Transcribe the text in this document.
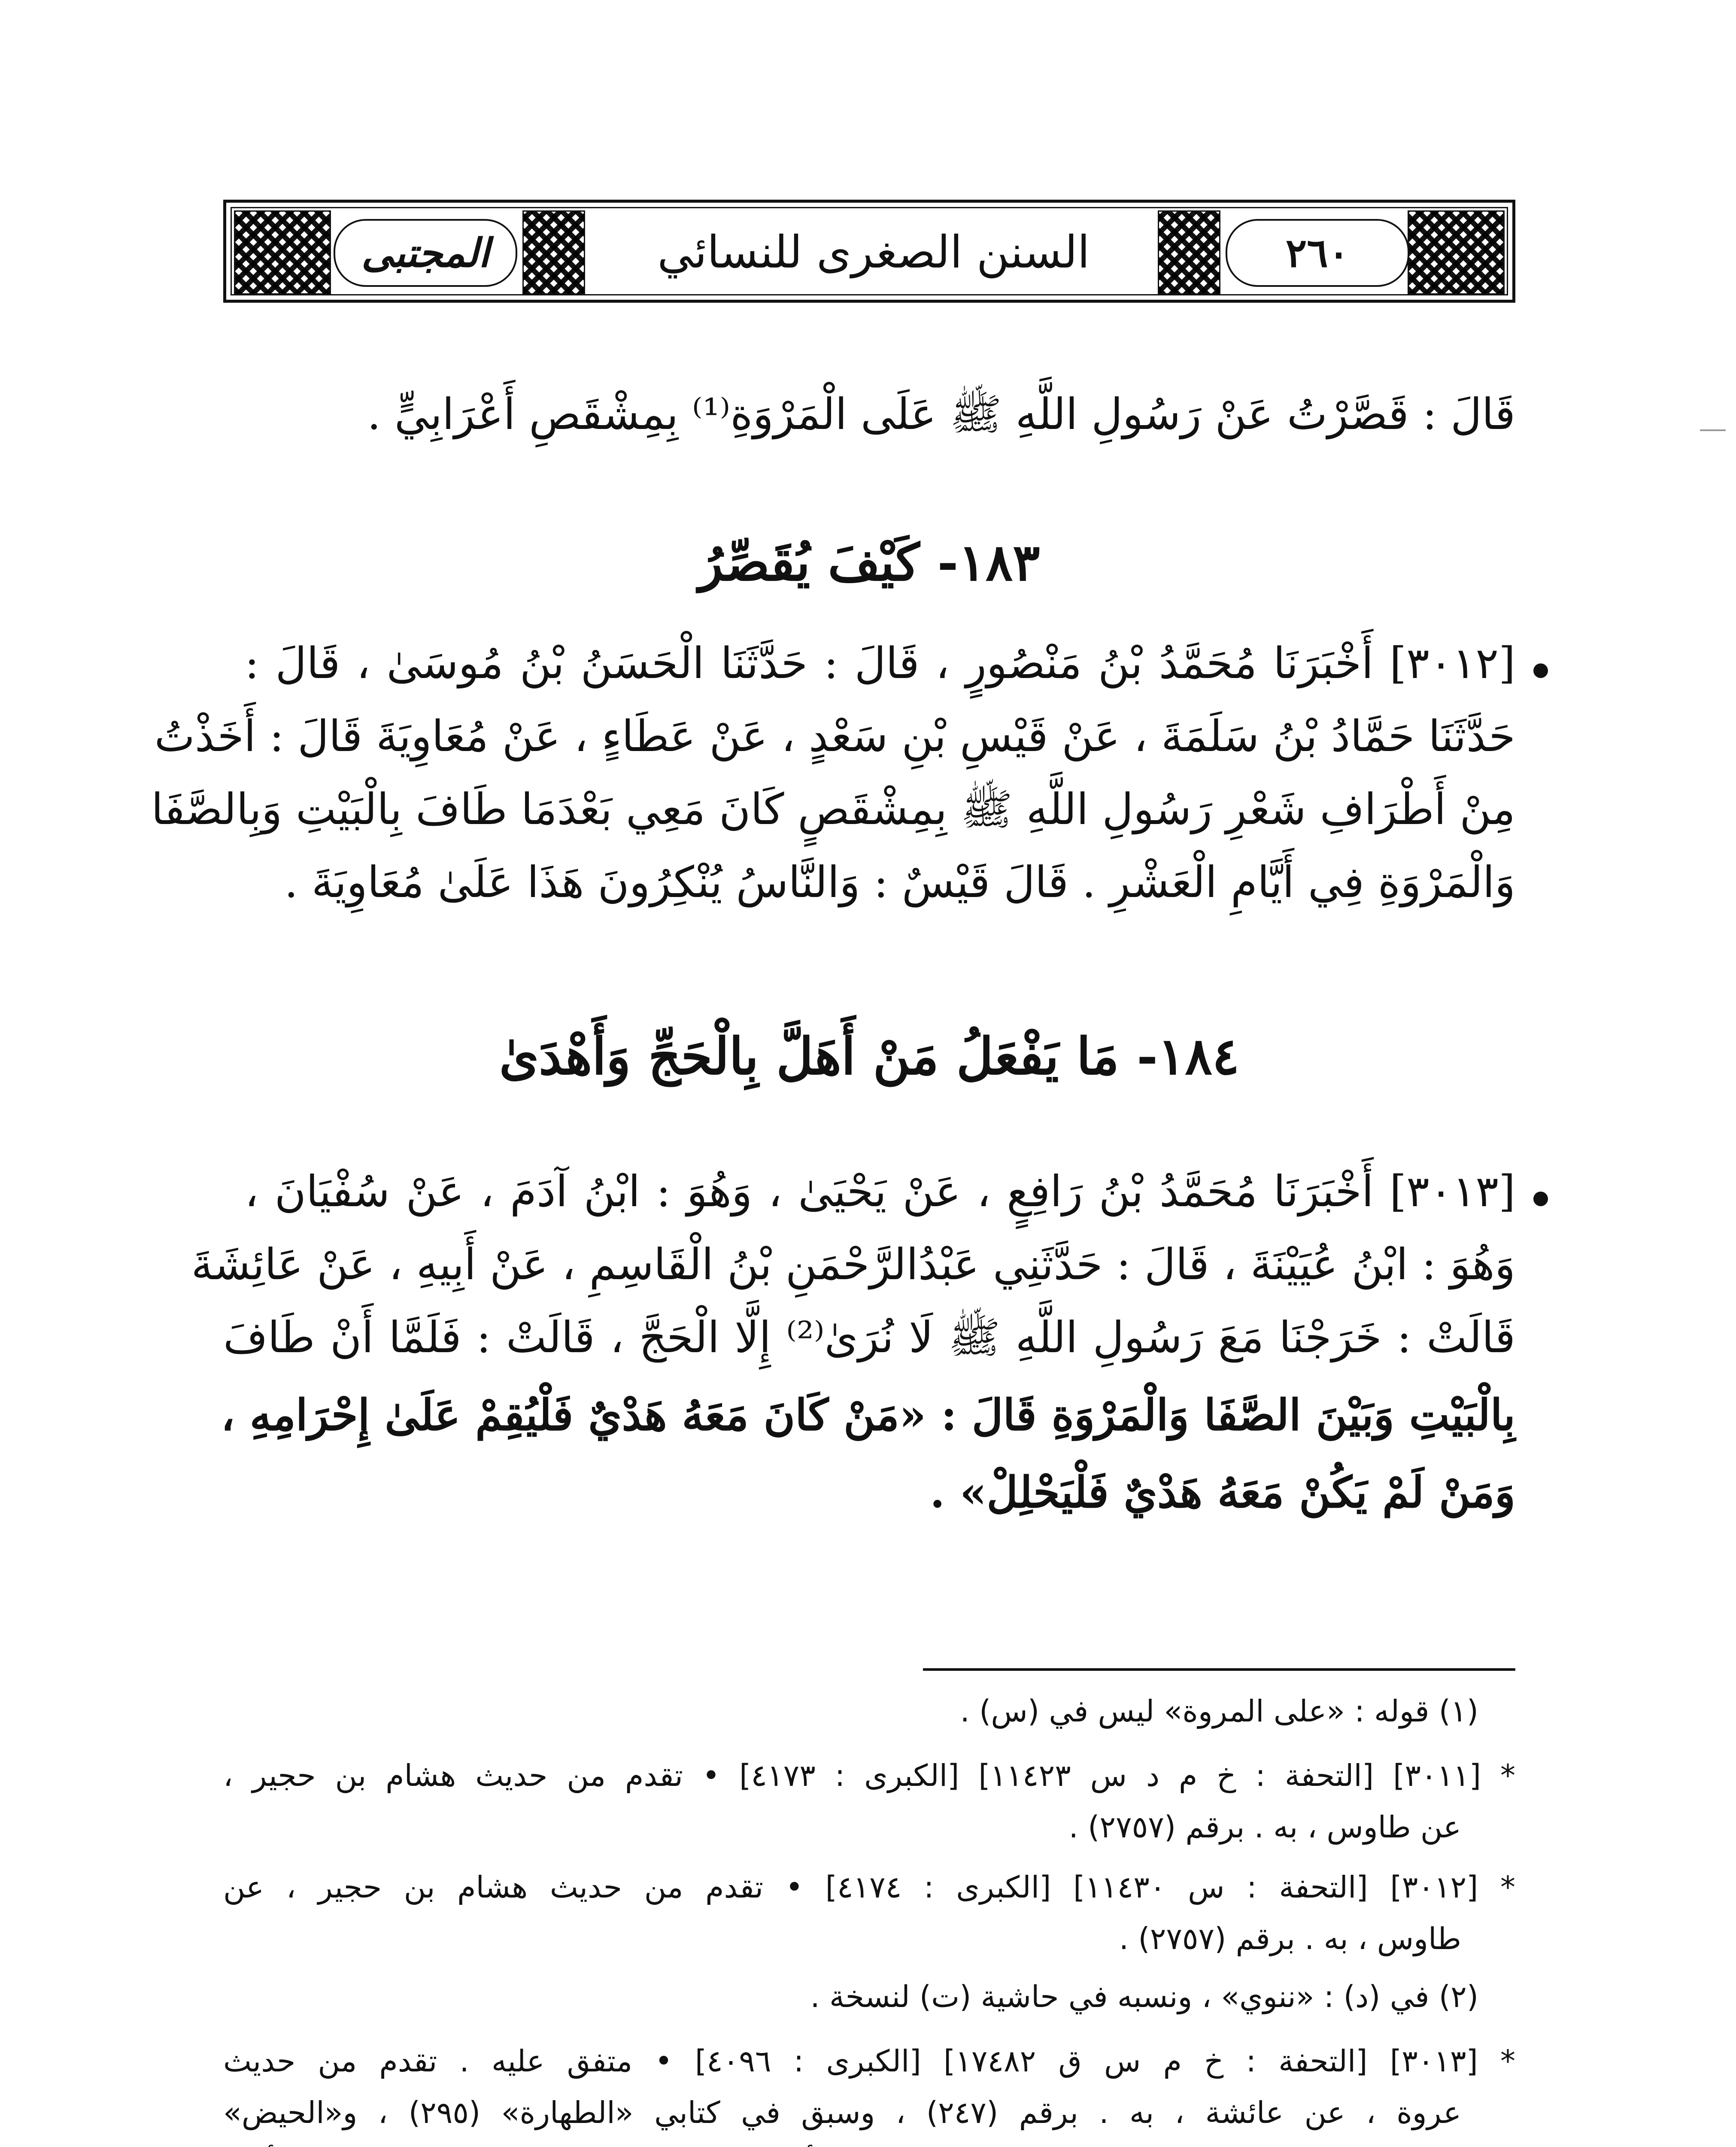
المجتبى	السنن الصغرى للنسائي	٢٦٠
قَالَ : قَصَّرْتُ عَنْ رَسُولِ اللَّهِ ﷺ عَلَى الْمَرْوَةِ⁽¹⁾ بِمِشْقَصِ أَعْرَابِيٍّ .
١٨٣- كَيْفَ يُقَصِّرُ
[٣٠١٢] أَخْبَرَنَا مُحَمَّدُ بْنُ مَنْصُورٍ ، قَالَ : حَدَّثَنَا الْحَسَنُ بْنُ مُوسَىٰ ، قَالَ :
حَدَّثَنَا حَمَّادُ بْنُ سَلَمَةَ ، عَنْ قَيْسِ بْنِ سَعْدٍ ، عَنْ عَطَاءٍ ، عَنْ مُعَاوِيَةَ قَالَ : أَخَذْتُ
مِنْ أَطْرَافِ شَعْرِ رَسُولِ اللَّهِ ﷺ بِمِشْقَصٍ كَانَ مَعِي بَعْدَمَا طَافَ بِالْبَيْتِ وَبِالصَّفَا
وَالْمَرْوَةِ فِي أَيَّامِ الْعَشْرِ . قَالَ قَيْسٌ : وَالنَّاسُ يُنْكِرُونَ هَذَا عَلَىٰ مُعَاوِيَةَ .
١٨٤- مَا يَفْعَلُ مَنْ أَهَلَّ بِالْحَجِّ وَأَهْدَىٰ
[٣٠١٣] أَخْبَرَنَا مُحَمَّدُ بْنُ رَافِعٍ ، عَنْ يَحْيَىٰ ، وَهُوَ : ابْنُ آدَمَ ، عَنْ سُفْيَانَ ،
وَهُوَ : ابْنُ عُيَيْنَةَ ، قَالَ : حَدَّثَنِي عَبْدُالرَّحْمَنِ بْنُ الْقَاسِمِ ، عَنْ أَبِيهِ ، عَنْ عَائِشَةَ
قَالَتْ : خَرَجْنَا مَعَ رَسُولِ اللَّهِ ﷺ لَا نُرَىٰ⁽²⁾ إِلَّا الْحَجَّ ، قَالَتْ : فَلَمَّا أَنْ طَافَ
بِالْبَيْتِ وَبَيْنَ الصَّفَا وَالْمَرْوَةِ قَالَ : «مَنْ كَانَ مَعَهُ هَدْيٌ فَلْيُقِمْ عَلَىٰ إِحْرَامِهِ ،
وَمَنْ لَمْ يَكُنْ مَعَهُ هَدْيٌ فَلْيَحْلِلْ» .
(١) قوله : «على المروة» ليس في (س) .
* [٣٠١١] [التحفة : خ م د س ١١٤٢٣] [الكبرى : ٤١٧٣] • تقدم من حديث هشام بن حجير ،
عن طاوس ، به . برقم (٢٧٥٧) .
* [٣٠١٢] [التحفة : س ١١٤٣٠] [الكبرى : ٤١٧٤] • تقدم من حديث هشام بن حجير ، عن
طاوس ، به . برقم (٢٧٥٧) .
(٢) في (د) : «ننوي» ، ونسبه في حاشية (ت) لنسخة .
* [٣٠١٣] [التحفة : خ م س ق ١٧٤٨٢] [الكبرى : ٤٠٩٦] • متفق عليه . تقدم من حديث
عروة ، عن عائشة ، به . برقم (٢٤٧) ، وسبق في كتابي «الطهارة» (٢٩٥) ، و«الحيض»
